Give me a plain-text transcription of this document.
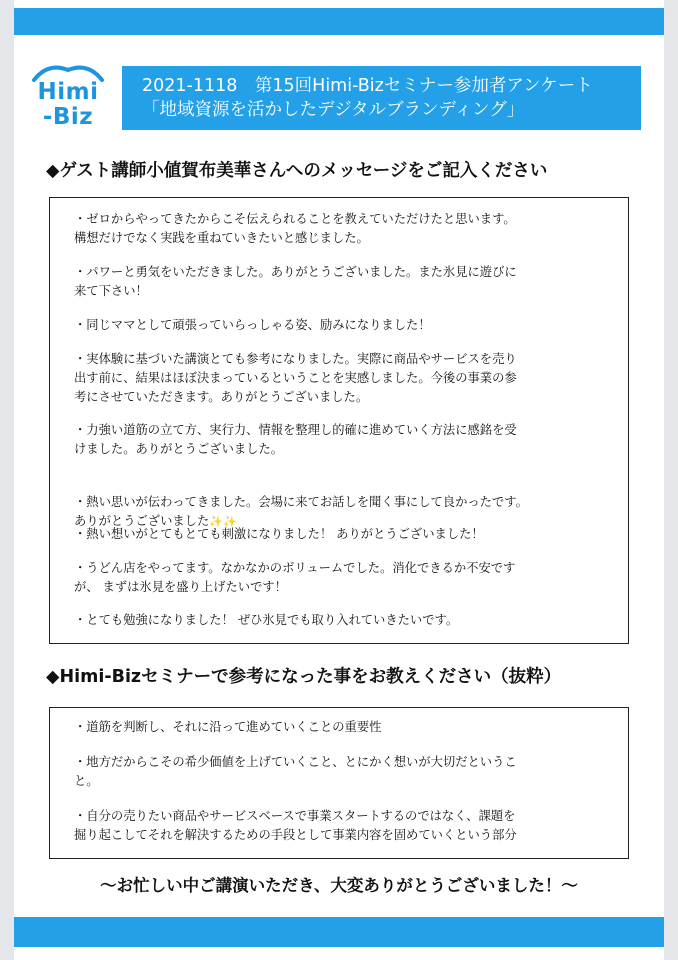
Himi
-Biz
2021-1118　第15回Himi-Bizセミナー参加者アンケート
「地域資源を活かしたデジタルブランディング」
◆ゲスト講師小値賀布美華さんへのメッセージをご記入ください
・ゼロからやってきたからこそ伝えられることを教えていただけたと思います。
構想だけでなく実践を重ねていきたいと感じました。
・パワーと勇気をいただきました。ありがとうございました。また氷見に遊びに
来て下さい！
・同じママとして頑張っていらっしゃる姿、励みになりました！
・実体験に基づいた講演とても参考になりました。実際に商品やサービスを売り
出す前に、結果はほぼ決まっているということを実感しました。今後の事業の参
考にさせていただきます。ありがとうございました。
・力強い道筋の立て方、実行力、情報を整理し的確に進めていく方法に感銘を受
けました。ありがとうございました。

・熱い思いが伝わってきました。会場に来てお話しを聞く事にして良かったです。
ありがとうございました✨✨

・熱い想いがとてもとても刺激になりました！ ありがとうございました！
・うどん店をやってます。なかなかのボリュームでした。消化できるか不安です
が、 まずは氷見を盛り上げたいです！
・とても勉強になりました！ ぜひ氷見でも取り入れていきたいです。
◆Himi-Bizセミナーで参考になった事をお教えください（抜粋）
・道筋を判断し、それに沿って進めていくことの重要性
・地方だからこその希少価値を上げていくこと、とにかく想いが大切だというこ
と。
・自分の売りたい商品やサービスベースで事業スタートするのではなく、課題を
掘り起こしてそれを解決するための手段として事業内容を固めていくという部分
〜お忙しい中ご講演いただき、大変ありがとうございました！〜
